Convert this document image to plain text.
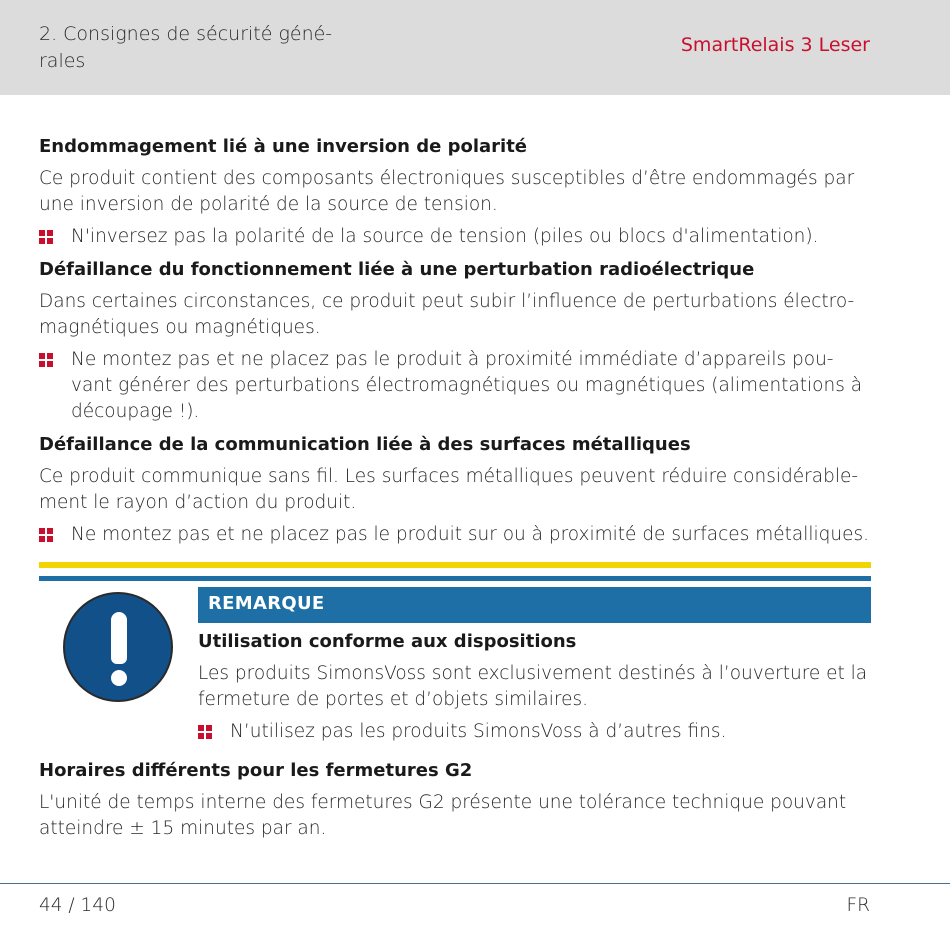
2. Consignes de sécurité géné-
rales
SmartRelais 3 Leser
Endommagement lié à une inversion de polarité

Ce produit contient des composants électroniques susceptibles d’être endommagés par une inversion de polarité de la source de tension.

N'inversez pas la polarité de la source de tension (piles ou blocs d'alimentation).
Défaillance du fonctionnement liée à une perturbation radioélectrique

Dans certaines circonstances, ce produit peut subir l’influence de perturbations électro-magnétiques ou magnétiques.

Ne montez pas et ne placez pas le produit à proximité immédiate d’appareils pou-vant générer des perturbations électromagnétiques ou magnétiques (alimentations à découpage !).
Défaillance de la communication liée à des surfaces métalliques

Ce produit communique sans fil. Les surfaces métalliques peuvent réduire considérable-ment le rayon d’action du produit.

Ne montez pas et ne placez pas le produit sur ou à proximité de surfaces métalliques.
REMARQUE
Utilisation conforme aux dispositions

Les produits SimonsVoss sont exclusivement destinés à l’ouverture et la fermeture de portes et d’objets similaires.

N’utilisez pas les produits SimonsVoss à d’autres fins.
Horaires différents pour les fermetures G2

L'unité de temps interne des fermetures G2 présente une tolérance technique pouvant atteindre ± 15 minutes par an.

44 / 140	FR
